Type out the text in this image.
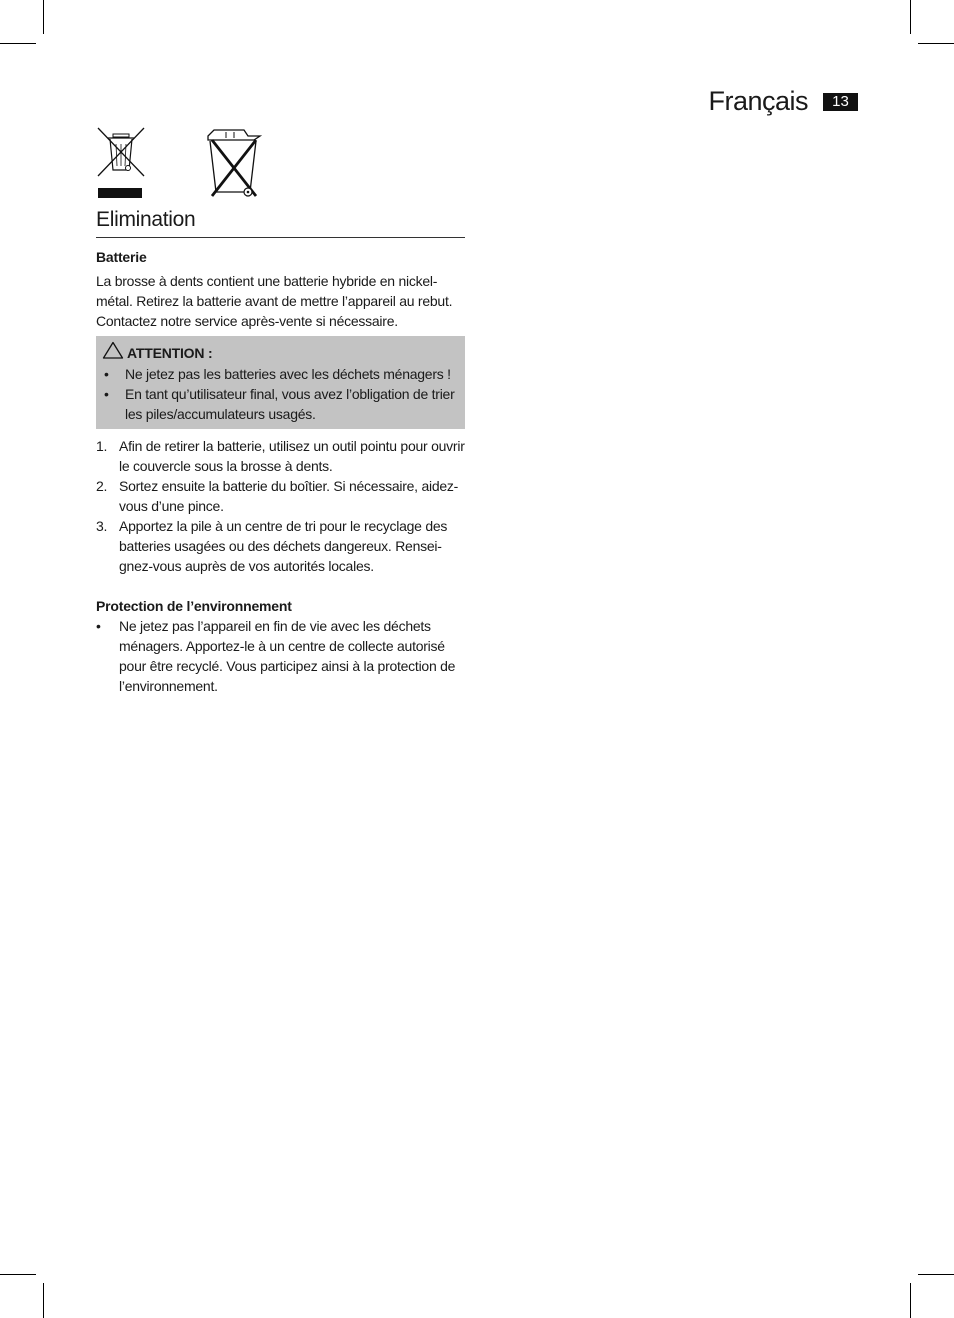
Français	13
Elimination
Batterie

La brosse à dents contient une batterie hybride en nickel-métal. Retirez la batterie avant de mettre l’appareil au rebut. Contactez notre service après-vente si nécessaire.

ATTENTION :
• Ne jetez pas les batteries avec les déchets ménagers !
• En tant qu’utilisateur final, vous avez l’obligation de trier les piles/accumulateurs usagés.
1. Afin de retirer la batterie, utilisez un outil pointu pour ouvrir le couvercle sous la brosse à dents.
2. Sortez ensuite la batterie du boîtier. Si nécessaire, aidez-vous d’une pince.
3. Apportez la pile à un centre de tri pour le recyclage des batteries usagées ou des déchets dangereux. Rensei-gnez-vous auprès de vos autorités locales.
Protection de l’environnement
• Ne jetez pas l’appareil en fin de vie avec les déchets ménagers. Apportez-le à un centre de collecte autorisé pour être recyclé. Vous participez ainsi à la protection de l’environnement.
